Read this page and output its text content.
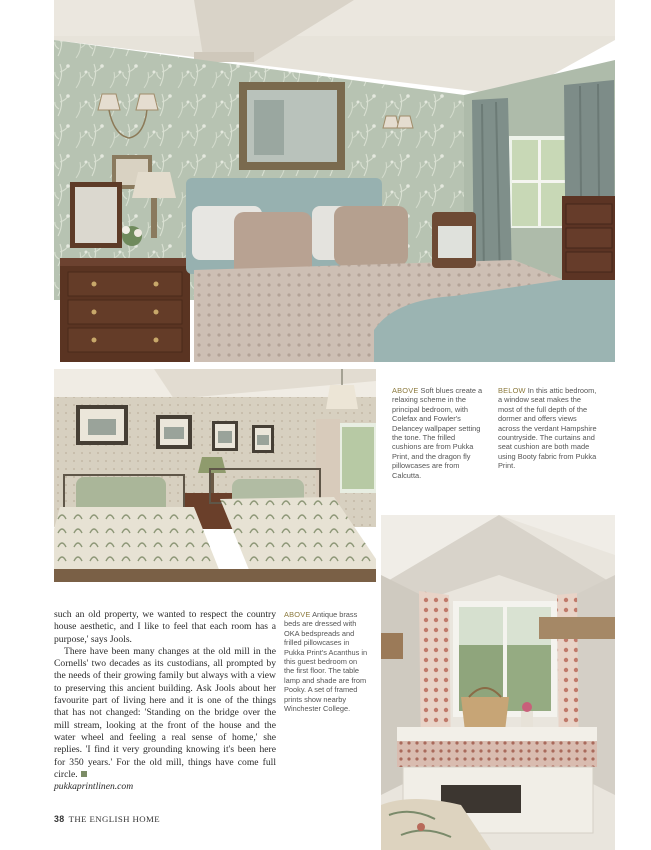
ABOVE Soft blues create a relaxing scheme in the principal bedroom, with Colefax and Fowler's Delancey wallpaper setting the tone. The frilled cushions are from Pukka Print, and the dragon fly pillowcases are from Calcutta.
BELOW In this attic bedroom, a window seat makes the most of the full depth of the dormer and offers views across the verdant Hampshire countryside. The curtains and seat cushion are both made using Booty fabric from Pukka Print.

such an old property, we wanted to respect the country house aesthetic, and I like to feel that each room has a purpose,' says Jools.

There have been many changes at the old mill in the Cornells' two decades as its custodians, all prompted by the needs of their growing family but always with a view to preserving this ancient building. Ask Jools about her favourite part of living here and it is one of the things that has not changed: 'Standing on the bridge over the mill stream, looking at the front of the house and the water wheel and feeling a real sense of home,' she replies. 'I find it very grounding knowing it's been here for 350 years.' For the old mill, things have come full circle.

pukkaprintlinen.com
ABOVE Antique brass beds are dressed with OKA bedspreads and frilled pillowcases in Pukka Print's Acanthus in this guest bedroom on the first floor. The table lamp and shade are from Pooky. A set of framed prints show nearby Winchester College.
38 THE ENGLISH HOME
